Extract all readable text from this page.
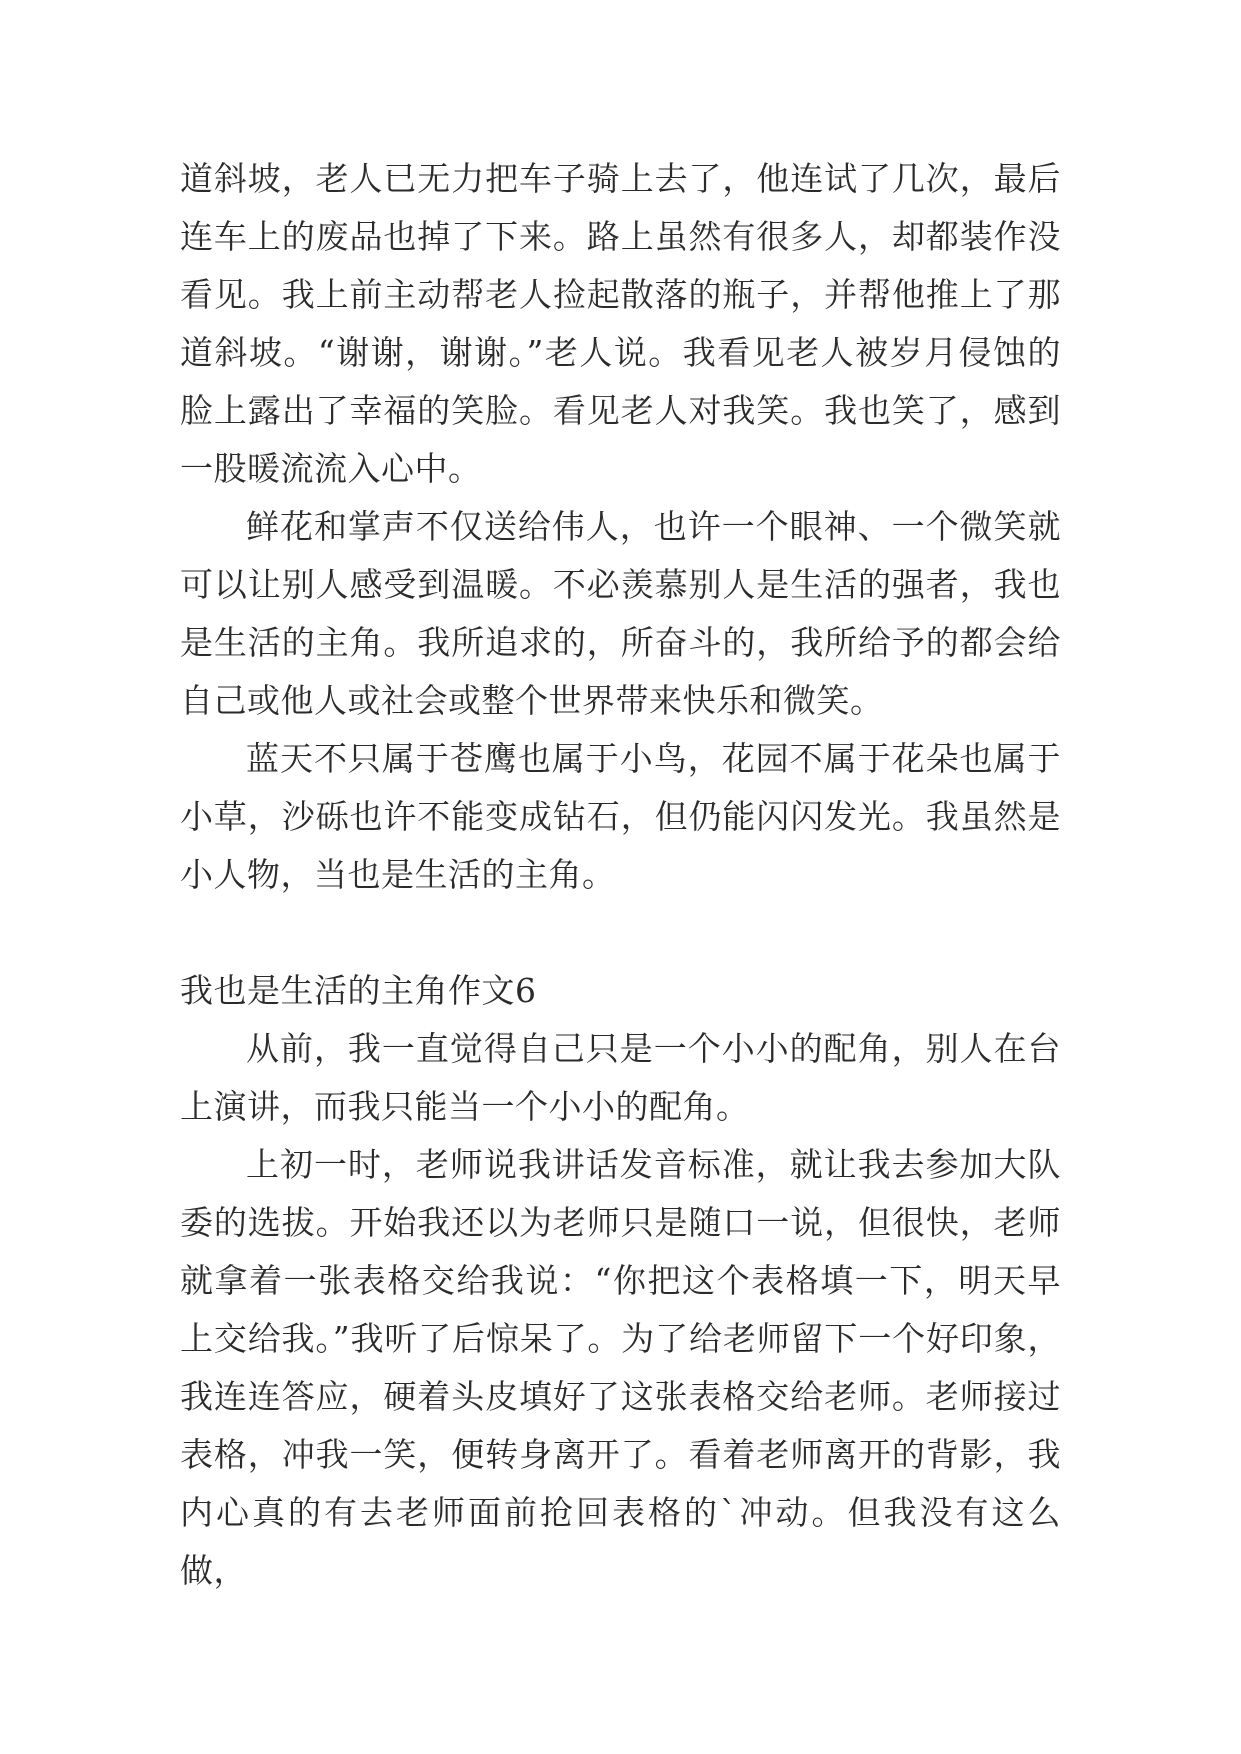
道斜坡，老人已无力把车子骑上去了，他连试了几次，最后连车上的废品也掉了下来。路上虽然有很多人，却都装作没看见。我上前主动帮老人捡起散落的瓶子，并帮他推上了那道斜坡。“谢谢，谢谢。”老人说。我看见老人被岁月侵蚀的脸上露出了幸福的笑脸。看见老人对我笑。我也笑了，感到一股暖流流入心中。

鲜花和掌声不仅送给伟人，也许一个眼神、一个微笑就可以让别人感受到温暖。不必羡慕别人是生活的强者，我也是生活的主角。我所追求的，所奋斗的，我所给予的都会给自己或他人或社会或整个世界带来快乐和微笑。

蓝天不只属于苍鹰也属于小鸟，花园不属于花朵也属于小草，沙砾也许不能变成钻石，但仍能闪闪发光。我虽然是小人物，当也是生活的主角。

我也是生活的主角作文6

从前，我一直觉得自己只是一个小小的配角，别人在台上演讲，而我只能当一个小小的配角。

上初一时，老师说我讲话发音标准，就让我去参加大队委的选拔。开始我还以为老师只是随口一说，但很快，老师就拿着一张表格交给我说：“你把这个表格填一下，明天早上交给我。”我听了后惊呆了。为了给老师留下一个好印象，我连连答应，硬着头皮填好了这张表格交给老师。老师接过表格，冲我一笑，便转身离开了。看着老师离开的背影，我内心真的有去老师面前抢回表格的`冲动。但我没有这么做，
